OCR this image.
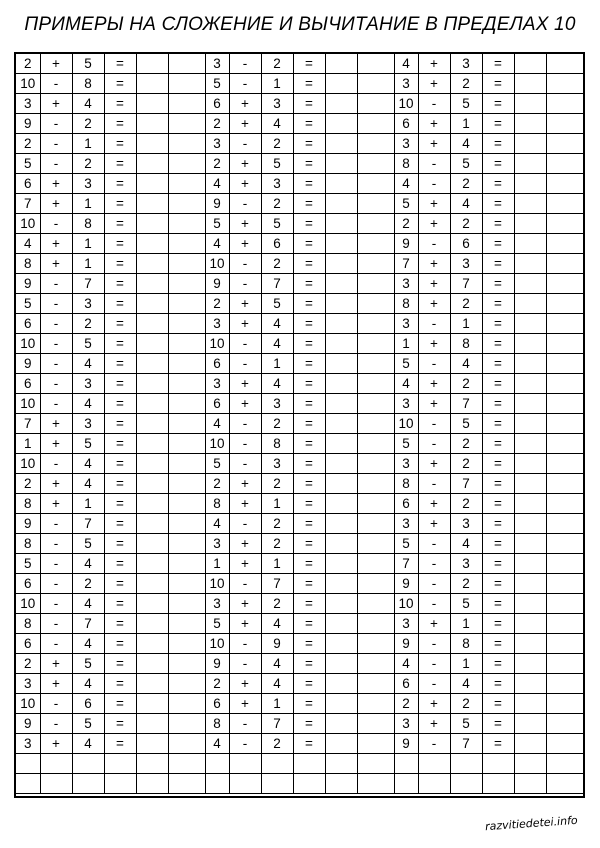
ПРИМЕРЫ НА СЛОЖЕНИЕ И ВЫЧИТАНИЕ В ПРЕДЕЛАХ 10
2	+	5	=			3	-	2	=			4	+	3	=		
10	-	8	=			5	-	1	=			3	+	2	=		
3	+	4	=			6	+	3	=			10	-	5	=		
9	-	2	=			2	+	4	=			6	+	1	=		
2	-	1	=			3	-	2	=			3	+	4	=		
5	-	2	=			2	+	5	=			8	-	5	=		
6	+	3	=			4	+	3	=			4	-	2	=		
7	+	1	=			9	-	2	=			5	+	4	=		
10	-	8	=			5	+	5	=			2	+	2	=		
4	+	1	=			4	+	6	=			9	-	6	=		
8	+	1	=			10	-	2	=			7	+	3	=		
9	-	7	=			9	-	7	=			3	+	7	=		
5	-	3	=			2	+	5	=			8	+	2	=		
6	-	2	=			3	+	4	=			3	-	1	=		
10	-	5	=			10	-	4	=			1	+	8	=		
9	-	4	=			6	-	1	=			5	-	4	=		
6	-	3	=			3	+	4	=			4	+	2	=		
10	-	4	=			6	+	3	=			3	+	7	=		
7	+	3	=			4	-	2	=			10	-	5	=		
1	+	5	=			10	-	8	=			5	-	2	=		
10	-	4	=			5	-	3	=			3	+	2	=		
2	+	4	=			2	+	2	=			8	-	7	=		
8	+	1	=			8	+	1	=			6	+	2	=		
9	-	7	=			4	-	2	=			3	+	3	=		
8	-	5	=			3	+	2	=			5	-	4	=		
5	-	4	=			1	+	1	=			7	-	3	=		
6	-	2	=			10	-	7	=			9	-	2	=		
10	-	4	=			3	+	2	=			10	-	5	=		
8	-	7	=			5	+	4	=			3	+	1	=		
6	-	4	=			10	-	9	=			9	-	8	=		
2	+	5	=			9	-	4	=			4	-	1	=		
3	+	4	=			2	+	4	=			6	-	4	=		
10	-	6	=			6	+	1	=			2	+	2	=		
9	-	5	=			8	-	7	=			3	+	5	=		
3	+	4	=			4	-	2	=			9	-	7	=		

razvitiedetei.info
